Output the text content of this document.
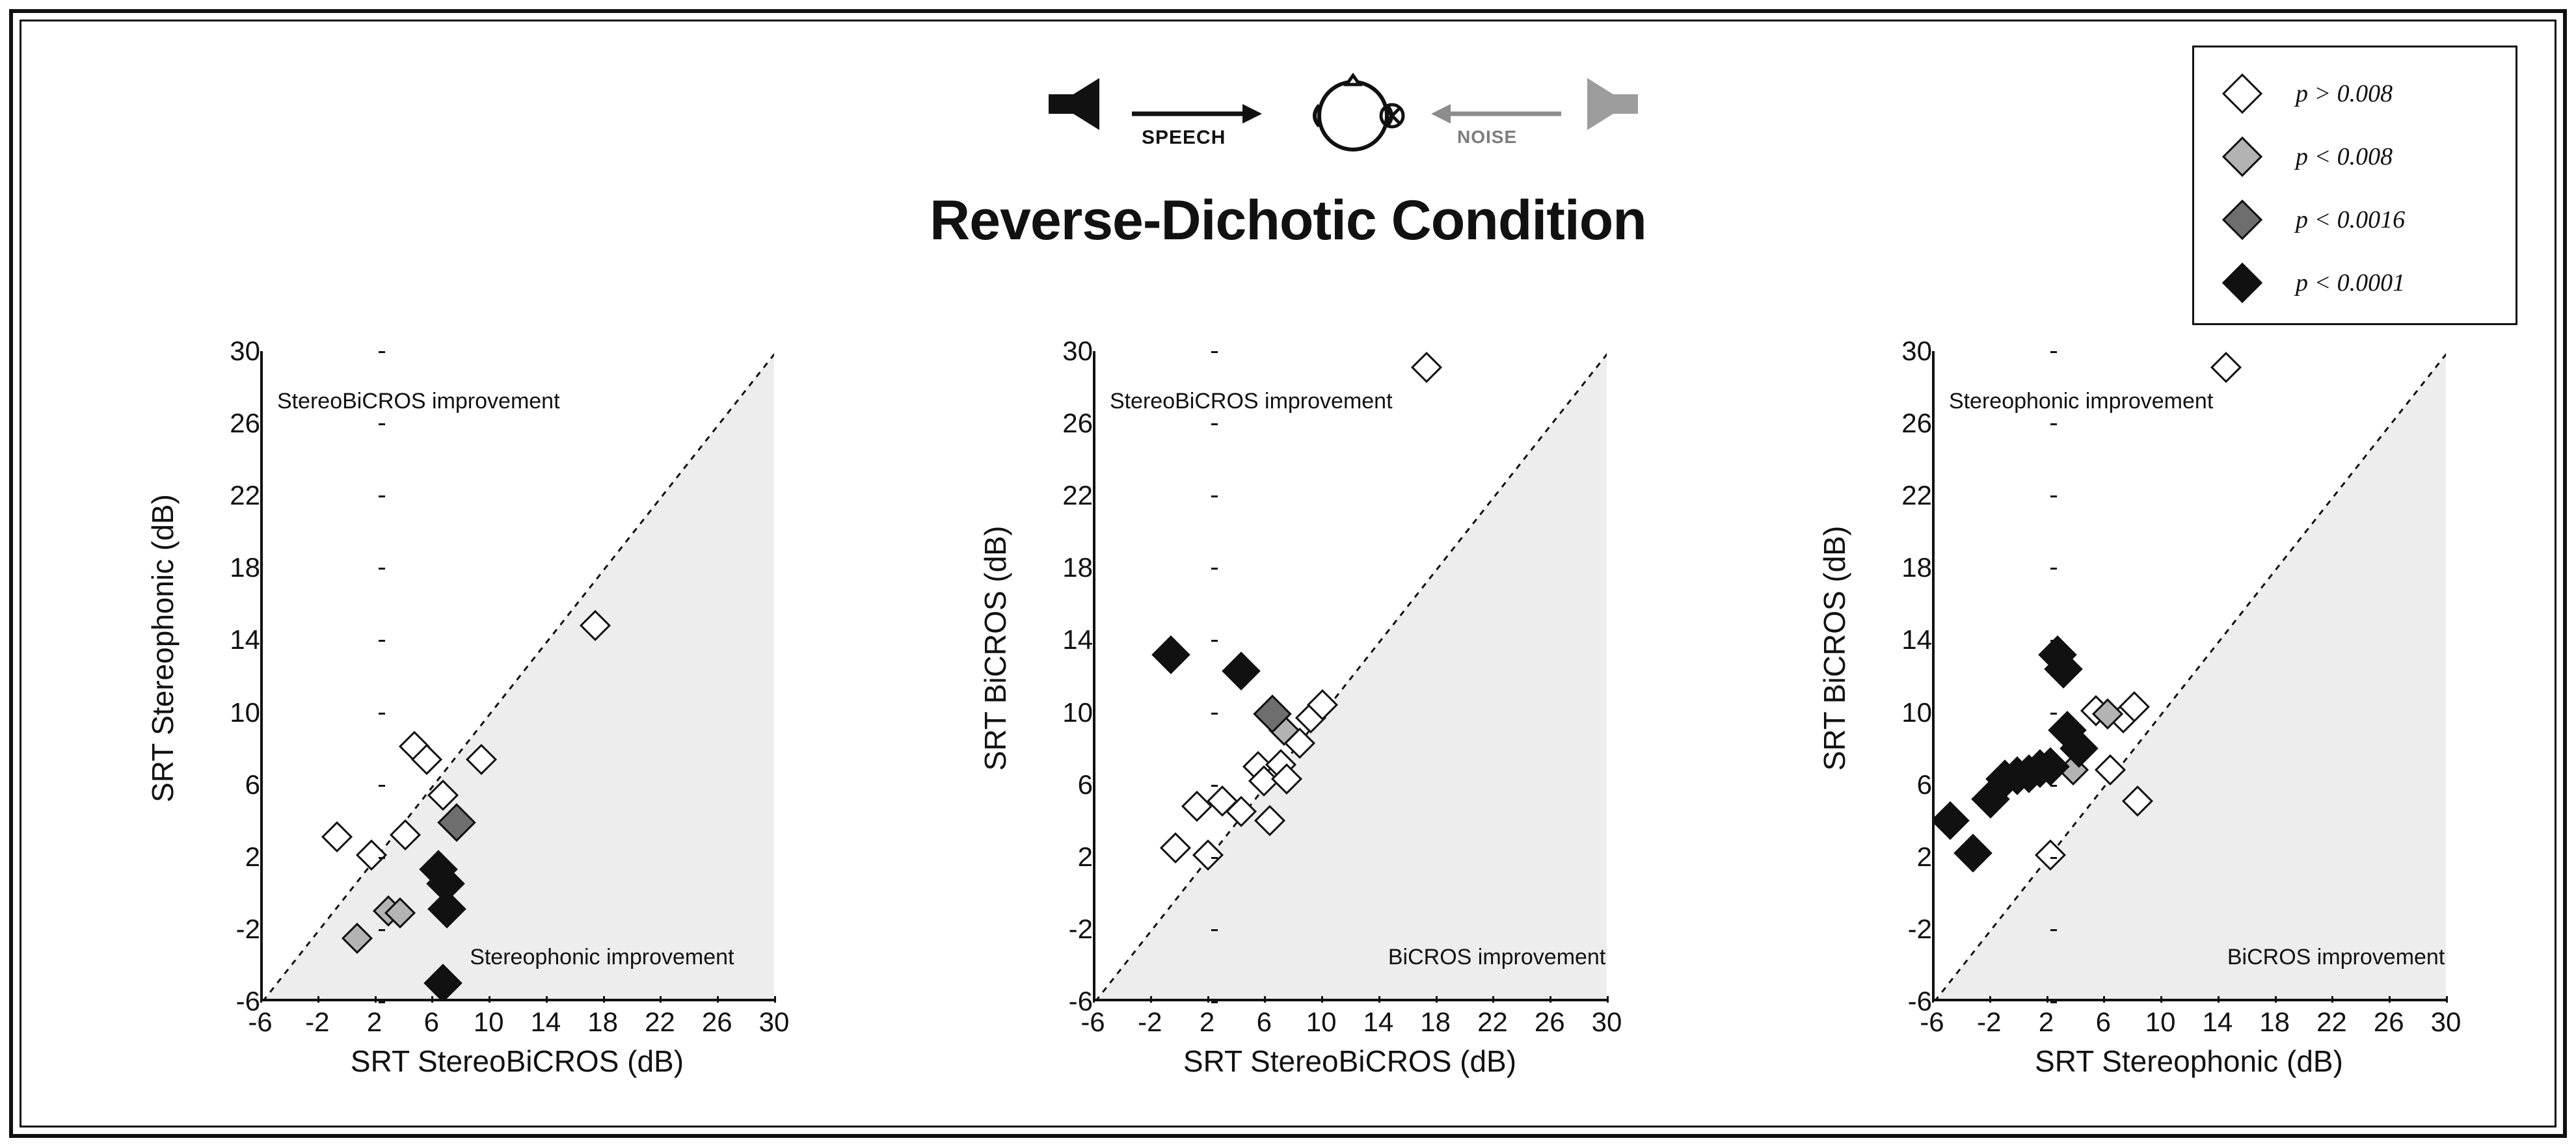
SPEECH	NOISE
Reverse-Dichotic Condition
p > 0.008
p < 0.008
p < 0.0016
p < 0.0001
StereoBiCROS improvement
Stereophonic improvement
-6
-2
2
6
10
14
18
22
26
30
-6	-2	2	6	10 14 18 22 26 30
SRT Stereophonic (dB)
SRT StereoBiCROS (dB)
StereoBiCROS improvement
BiCROS improvement
-6
-2
2
6
10
14
18
22
26
30
-6	-2	2	6	10 14 18 22 26 30
SRT BiCROS (dB)
SRT StereoBiCROS (dB)
Stereophonic improvement
BiCROS improvement
-6
-2
2
6
10
14
18
22
26
30
-6	-2	2	6	10 14 18 22 26 30
SRT BiCROS (dB)
SRT Stereophonic (dB)
